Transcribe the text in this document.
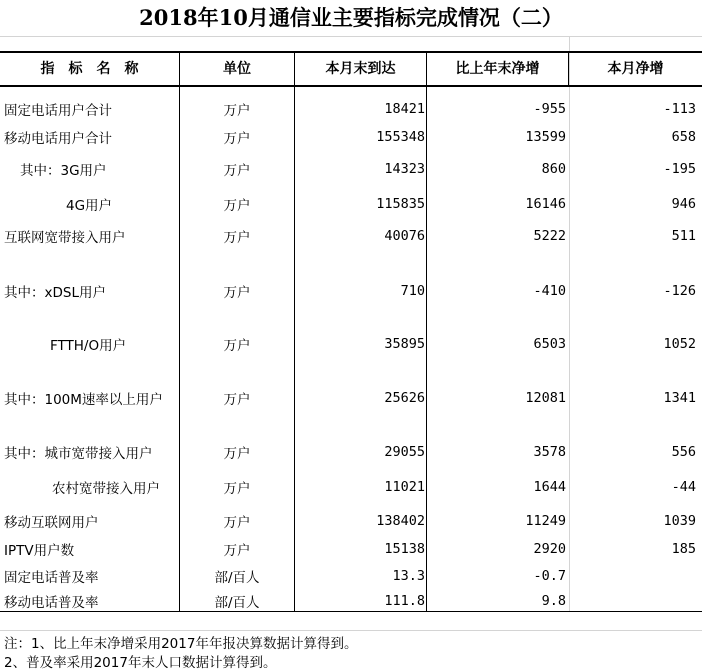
2018年10月通信业主要指标完成情况（二）
指　标　名　称	单位	本月末到达	比上年末净增	本月净增
固定电话用户合计	万户	18421	-955	-113
移动电话用户合计	万户	155348	13599	658
其中：3G用户	万户	14323	860	-195
4G用户	万户	115835	16146	946
互联网宽带接入用户	万户	40076	5222	511
其中：xDSL用户	万户	710	-410	-126
FTTH/O用户	万户	35895	6503	1052
其中：100M速率以上用户	万户	25626	12081	1341
其中：城市宽带接入用户	万户	29055	3578	556
农村宽带接入用户	万户	11021	1644	-44
移动互联网用户	万户	138402	11249	1039
IPTV用户数	万户	15138	2920	185
固定电话普及率	部/百人	13.3	-0.7
移动电话普及率	部/百人	111.8	9.8
注：1、比上年末净增采用2017年年报决算数据计算得到。
2、普及率采用2017年末人口数据计算得到。
